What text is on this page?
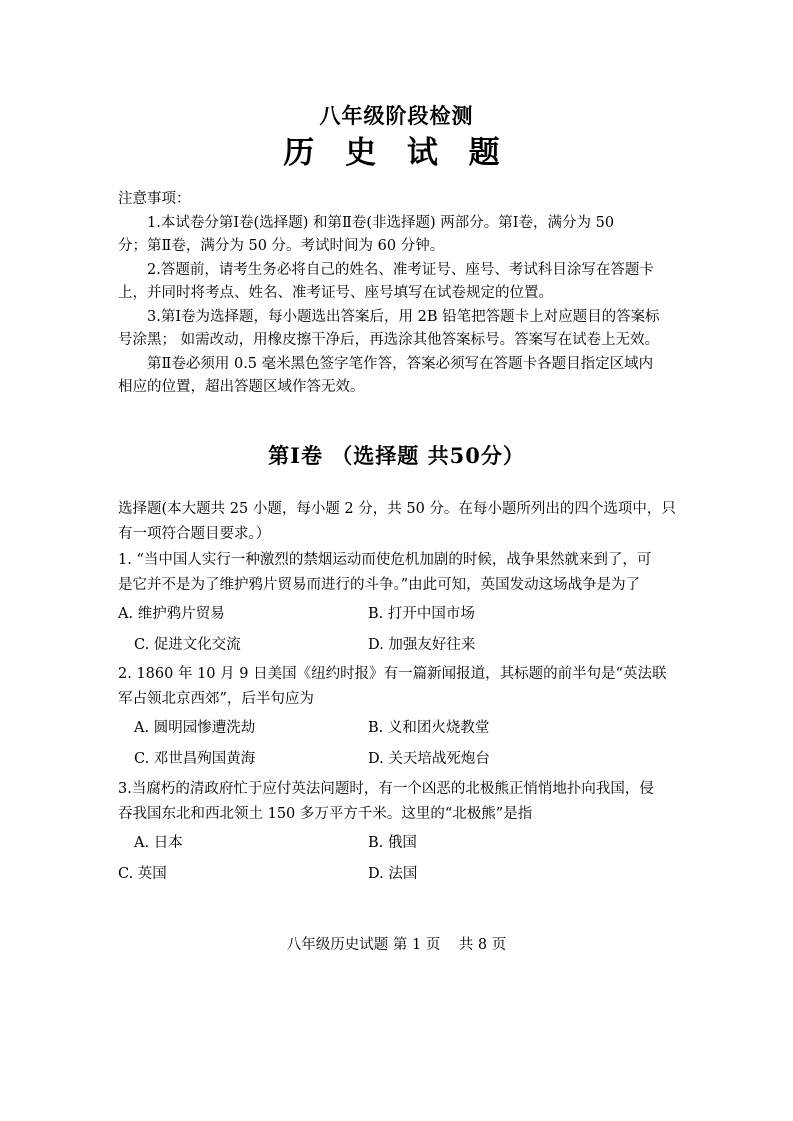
八年级阶段检测
历 史 试 题

注意事项：

1.本试卷分第Ⅰ卷(选择题) 和第Ⅱ卷(非选择题) 两部分。第Ⅰ卷，满分为 50

分；第Ⅱ卷，满分为 50 分。考试时间为 60 分钟。

2.答题前，请考生务必将自己的姓名、准考证号、座号、考试科目涂写在答题卡

上，并同时将考点、姓名、准考证号、座号填写在试卷规定的位置。

3.第Ⅰ卷为选择题，每小题选出答案后，用 2B 铅笔把答题卡上对应题目的答案标

号涂黑； 如需改动，用橡皮擦干净后，再选涂其他答案标号。答案写在试卷上无效。

第Ⅱ卷必须用 0.5 毫米黑色签字笔作答，答案必须写在答题卡各题目指定区域内

相应的位置，超出答题区域作答无效。

第Ⅰ卷 （选择题 共50分）

选择题(本大题共 25 小题，每小题 2 分，共 50 分。在每小题所列出的四个选项中，只

有一项符合题目要求。）

1. “当中国人实行一种激烈的禁烟运动而使危机加剧的时候，战争果然就来到了，可

是它并不是为了维护鸦片贸易而进行的斗争。”由此可知，英国发动这场战争是为了

A. 维护鸦片贸易	B. 打开中国市场
C. 促进文化交流	D. 加强友好往来

2. 1860 年 10 月 9 日美国《纽约时报》有一篇新闻报道，其标题的前半句是“英法联

军占领北京西郊”，后半句应为

A. 圆明园惨遭洗劫	B. 义和团火烧教堂
C. 邓世昌殉国黄海	D. 关天培战死炮台

3.当腐朽的清政府忙于应付英法问题时，有一个凶恶的北极熊正悄悄地扑向我国，侵

吞我国东北和西北领土 150 多万平方千米。这里的“北极熊”是指

A. 日本	B. 俄国
C. 英国	D. 法国
八年级历史试题 第 1 页    共 8 页
